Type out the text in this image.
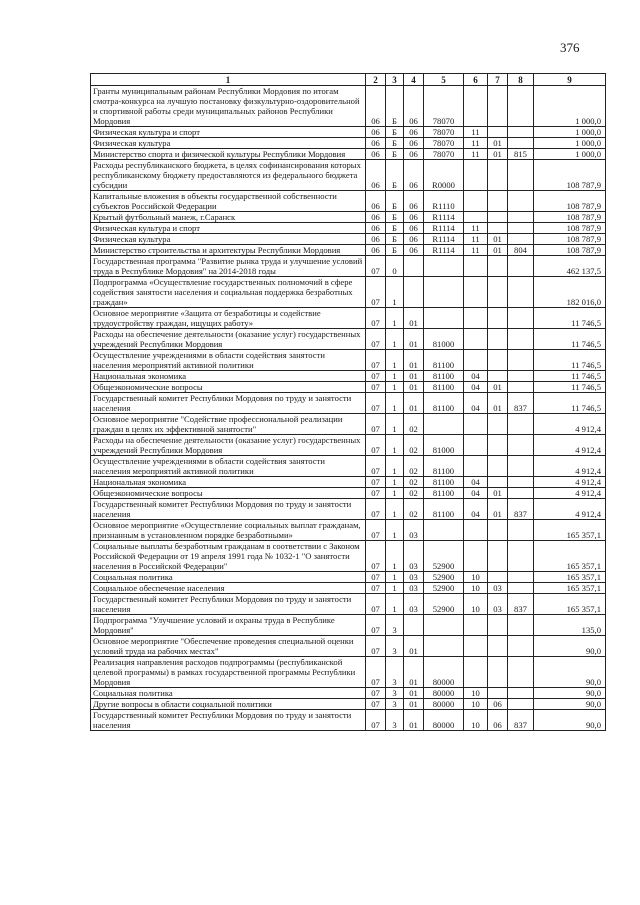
376
1	2	3	4	5	6	7	8	9
Гранты муниципальным районам Республики Мордовия по итогам смотра-конкурса на лучшую постановку физкультурно-оздоровительной и спортивной работы среди муниципальных районов Республики Мордовия	06	Б	06	78070				1 000,0
Физическая культура и спорт	06	Б	06	78070	11			1 000,0
Физическая культура	06	Б	06	78070	11	01		1 000,0
Министерство спорта и физической культуры Республики Мордовия	06	Б	06	78070	11	01	815	1 000,0
Расходы республиканского бюджета, в целях софинансирования которых республиканскому бюджету предоставляются из федерального бюджета субсидии	06	Б	06	R0000				108 787,9
Капитальные вложения в объекты государственной собственности субъектов Российской Федерации	06	Б	06	R1110				108 787,9
Крытый футбольный манеж, г.Саранск	06	Б	06	R1114				108 787,9
Физическая культура и спорт	06	Б	06	R1114	11			108 787,9
Физическая культура	06	Б	06	R1114	11	01		108 787,9
Министерство строительства и архитектуры Республики Мордовия	06	Б	06	R1114	11	01	804	108 787,9
Государственная программа "Развитие рынка труда и улучшение условий труда в Республике Мордовия" на 2014-2018 годы	07	0						462 137,5
Подпрограмма «Осуществление государственных полномочий в сфере содействия занятости населения и социальная поддержка безработных граждан»	07	1						182 016,0
Основное мероприятие «Защита от безработицы и содействие трудоустройству граждан, ищущих работу»	07	1	01					11 746,5
Расходы на обеспечение деятельности (оказание услуг) государственных учреждений Республики Мордовия	07	1	01	81000				11 746,5
Осуществление учреждениями в области содействия занятости населения мероприятий активной политики	07	1	01	81100				11 746,5
Национальная экономика	07	1	01	81100	04			11 746,5
Общеэкономические вопросы	07	1	01	81100	04	01		11 746,5
Государственный комитет Республики Мордовия по труду и занятости населения	07	1	01	81100	04	01	837	11 746,5
Основное мероприятие "Содействие профессиональной реализации граждан в целях их эффективной занятости"	07	1	02					4 912,4
Расходы на обеспечение деятельности (оказание услуг) государственных учреждений Республики Мордовия	07	1	02	81000				4 912,4
Осуществление учреждениями в области содействия занятости населения мероприятий активной политики	07	1	02	81100				4 912,4
Национальная экономика	07	1	02	81100	04			4 912,4
Общеэкономические вопросы	07	1	02	81100	04	01		4 912,4
Государственный комитет Республики Мордовия по труду и занятости населения	07	1	02	81100	04	01	837	4 912,4
Основное мероприятие «Осуществление социальных выплат гражданам, признанным в установленном порядке безработными»	07	1	03					165 357,1
Социальные выплаты безработным гражданам в соответствии с Законом Российской Федерации от 19 апреля 1991 года № 1032-1 "О занятости населения в Российской Федерации"	07	1	03	52900				165 357,1
Социальная политика	07	1	03	52900	10			165 357,1
Социальное обеспечение населения	07	1	03	52900	10	03		165 357,1
Государственный комитет Республики Мордовия по труду и занятости населения	07	1	03	52900	10	03	837	165 357,1
Подпрограмма "Улучшение условий и охраны труда в Республике Мордовия"	07	3						135,0
Основное мероприятие "Обеспечение проведения специальной оценки условий труда на рабочих местах"	07	3	01					90,0
Реализация направления расходов подпрограммы (республиканской целевой программы) в рамках государственной программы Республики Мордовия	07	3	01	80000				90,0
Социальная политика	07	3	01	80000	10			90,0
Другие вопросы в области социальной политики	07	3	01	80000	10	06		90,0
Государственный комитет Республики Мордовия по труду и занятости населения	07	3	01	80000	10	06	837	90,0
